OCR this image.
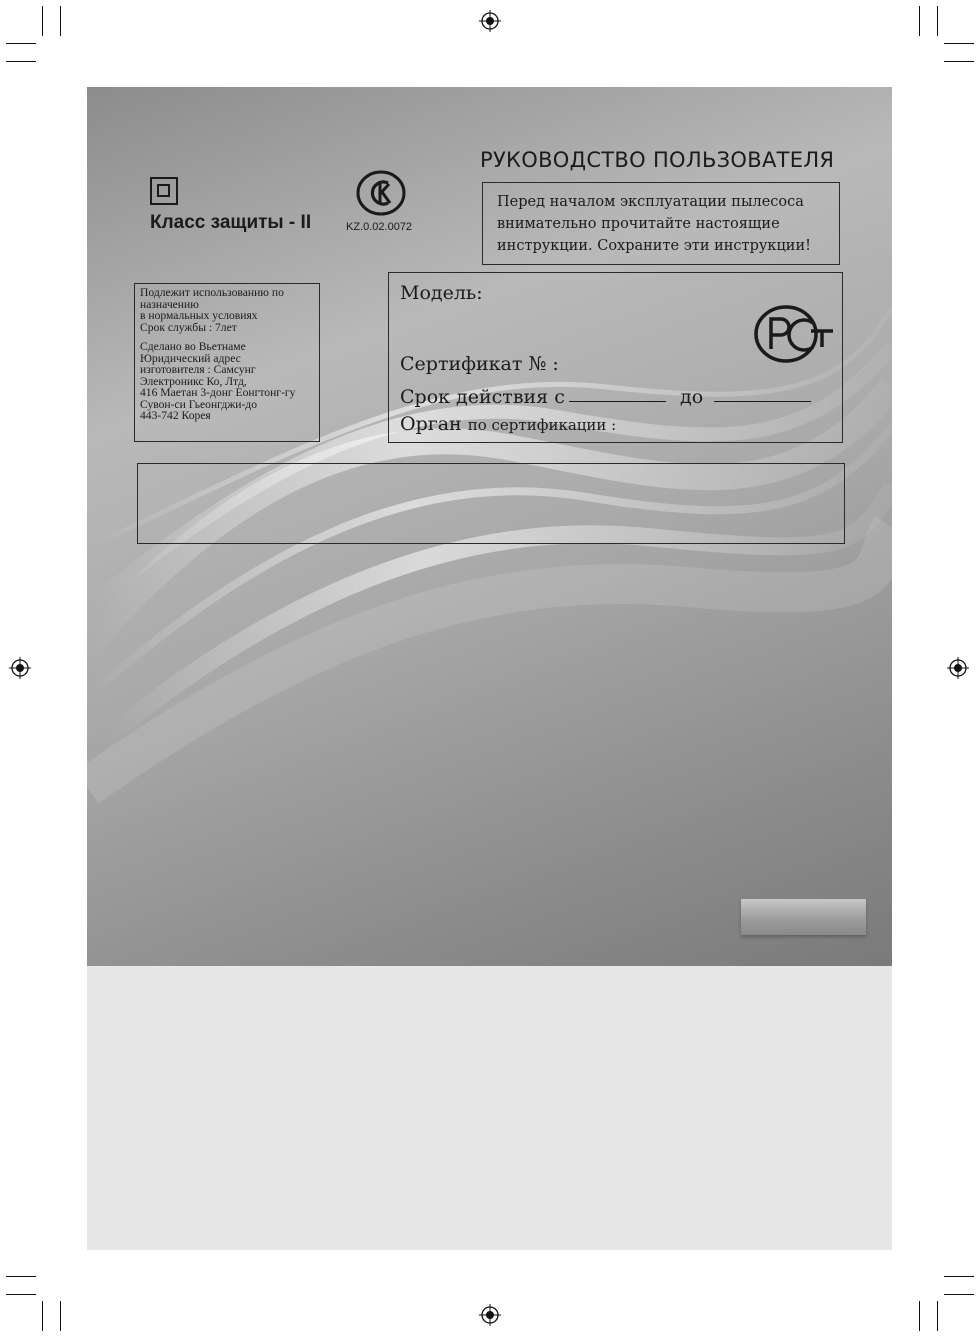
РУКОВОДСТВО ПОЛЬЗОВАТЕЛЯ
Перед началом эксплуатации пылесоса
внимательно прочитайте настоящие
инструкции. Сохраните эти инструкции!
Класс защиты - II	KZ.0.02.0072

Подлежит использованию по

назначению

в нормальных условиях

Срок службы : 7лет

Сделано во Вьетнаме

Юридический адрес

изготовителя : Самсунг

Электроникс Ко, Лтд,

416 Маетан 3-донг Еонгтонг-гу

Сувон-си Гьеонгджи-до

443-742 Корея

Модель:
Сертификат № :
Срок действия с	до
Орган по сертификации :
